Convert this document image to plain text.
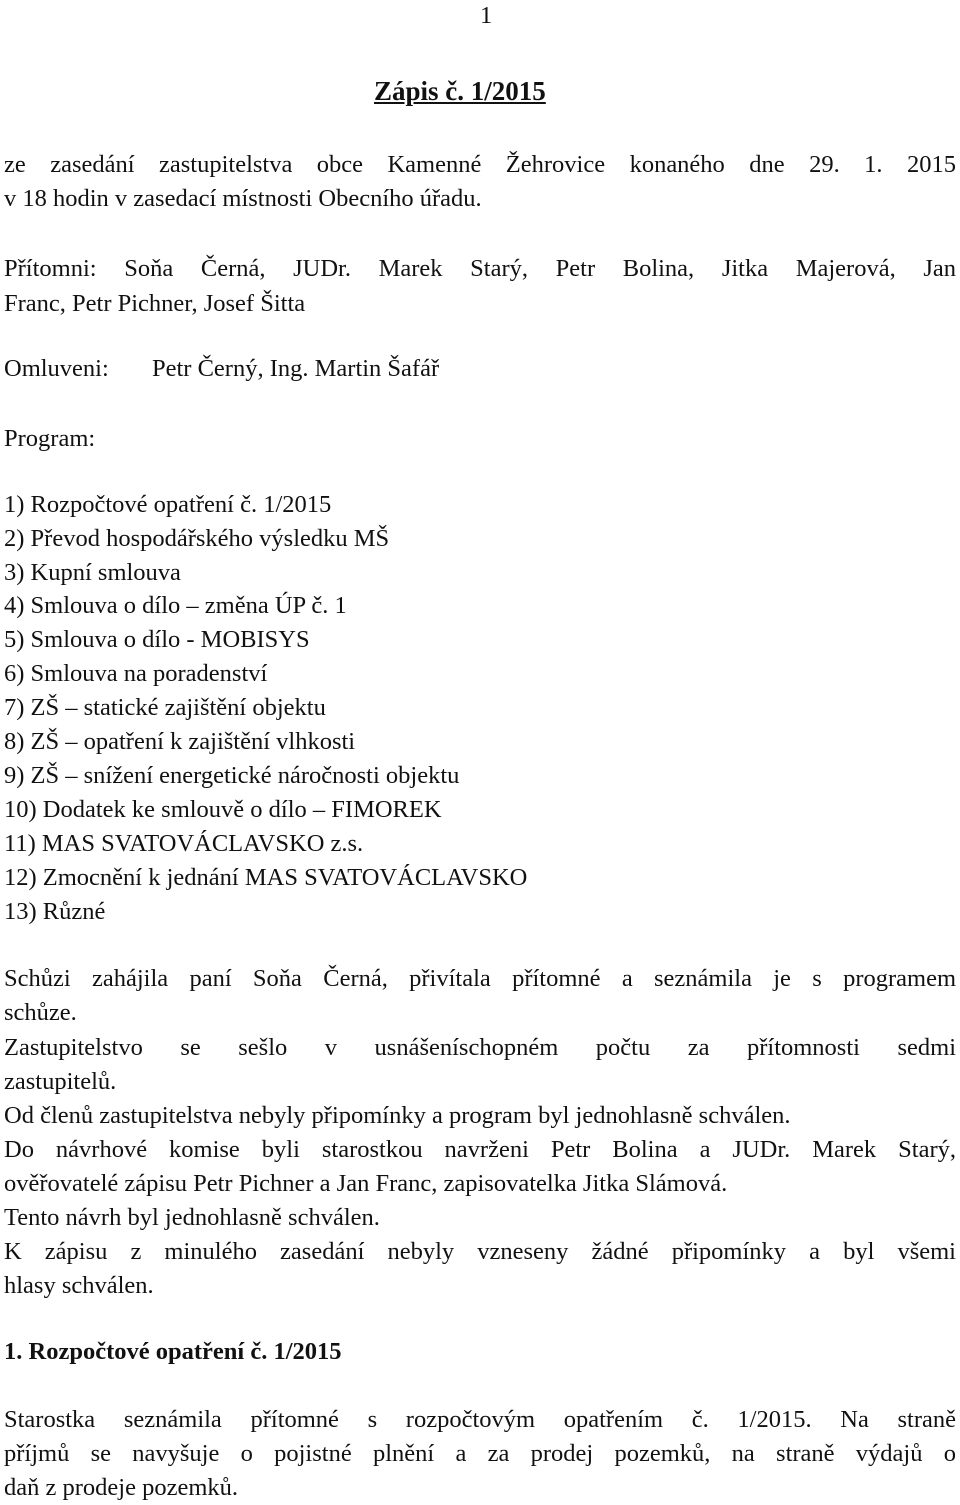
1
Zápis č. 1/2015
ze zasedání zastupitelstva obce Kamenné Žehrovice konaného dne 29. 1. 2015
v 18 hodin v zasedací místnosti Obecního úřadu.
Přítomni: Soňa Černá, JUDr. Marek Starý, Petr Bolina, Jitka Majerová, Jan
Franc, Petr Pichner, Josef Šitta
Omluveni: Petr Černý, Ing. Martin Šafář
Program:
1) Rozpočtové opatření č. 1/2015
2) Převod hospodářského výsledku MŠ
3) Kupní smlouva
4) Smlouva o dílo – změna ÚP č. 1
5) Smlouva o dílo - MOBISYS
6) Smlouva na poradenství
7) ZŠ – statické zajištění objektu
8) ZŠ – opatření k zajištění vlhkosti
9) ZŠ – snížení energetické náročnosti objektu
10) Dodatek ke smlouvě o dílo – FIMOREK
11) MAS SVATOVÁCLAVSKO z.s.
12) Zmocnění k jednání MAS SVATOVÁCLAVSKO
13) Různé
Schůzi zahájila paní Soňa Černá, přivítala přítomné a seznámila je s programem
schůze.
Zastupitelstvo se sešlo v usnášeníschopném počtu za přítomnosti sedmi
zastupitelů.
Od členů zastupitelstva nebyly připomínky a program byl jednohlasně schválen.
Do návrhové komise byli starostkou navrženi Petr Bolina a JUDr. Marek Starý,
ověřovatelé zápisu Petr Pichner a Jan Franc, zapisovatelka Jitka Slámová.
Tento návrh byl jednohlasně schválen.
K zápisu z minulého zasedání nebyly vzneseny žádné připomínky a byl všemi
hlasy schválen.
1. Rozpočtové opatření č. 1/2015
Starostka seznámila přítomné s rozpočtovým opatřením č. 1/2015. Na straně
příjmů se navyšuje o pojistné plnění a za prodej pozemků, na straně výdajů o
daň z prodeje pozemků.
